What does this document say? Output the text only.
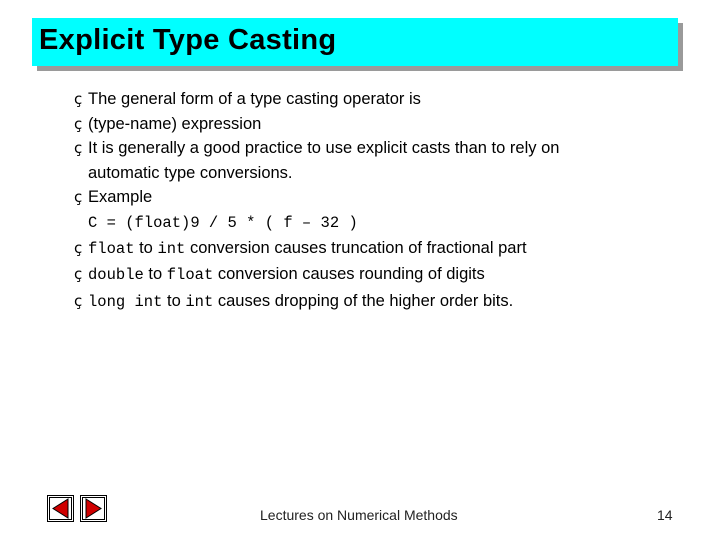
Explicit Type Casting
ç The general form of a type casting operator is
ç (type-name) expression
ç It is generally a good practice to use explicit casts than to rely on
automatic type conversions.
ç Example
C = (float)9 / 5 * ( f – 32 )
ç float to int conversion causes truncation of fractional part
ç double to float conversion causes rounding of digits
ç long int to int causes dropping of the higher order bits.
Lectures on Numerical Methods	14
